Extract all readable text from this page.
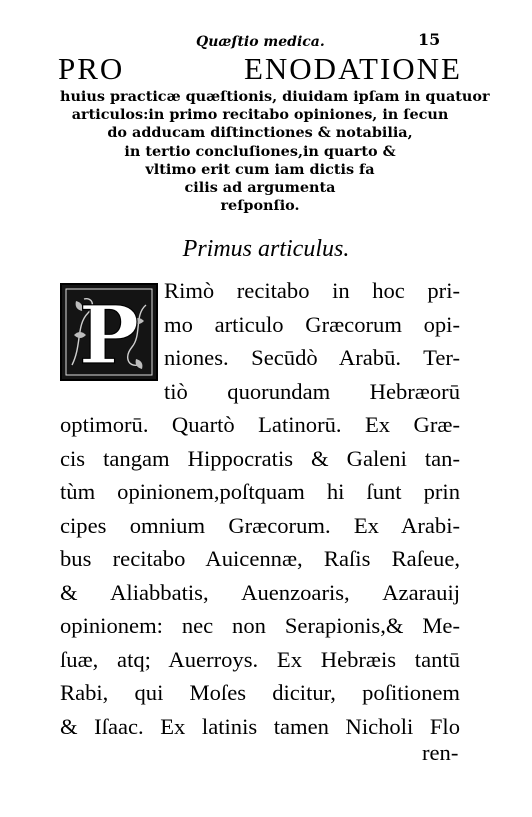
Quæſtio medica.	15
PRO ENODATIONE
huius practicæ quæſtionis, diuidam ipſam in quatuor
articulos:in primo recitabo opiniones, in ſecun
do adducam diſtinctiones & notabilia,
in tertio concluſiones,in quarto &
vltimo erit cum iam dictis fa
cilis ad argumenta
reſponſio.
Primus articulus.
P Rimò recitabo in hoc pri-
mo articulo Græcorum opi-
niones. Secūdò Arabū. Ter-
tiò quorundam Hebræorū
optimorū. Quartò Latinorū. Ex Græ-
cis tangam Hippocratis & Galeni tan-
tùm opinionem,poſtquam hi ſunt prin
cipes omnium Græcorum. Ex Arabi-
bus recitabo Auicennæ, Raſis Raſeue,
& Aliabbatis, Auenzoaris, Azarauij
opinionem: nec non Serapionis,& Me-
ſuæ, atq; Auerroys. Ex Hebræis tantū
Rabi, qui Moſes dicitur, poſitionem
& Iſaac. Ex latinis tamen Nicholi Flo
ren-
